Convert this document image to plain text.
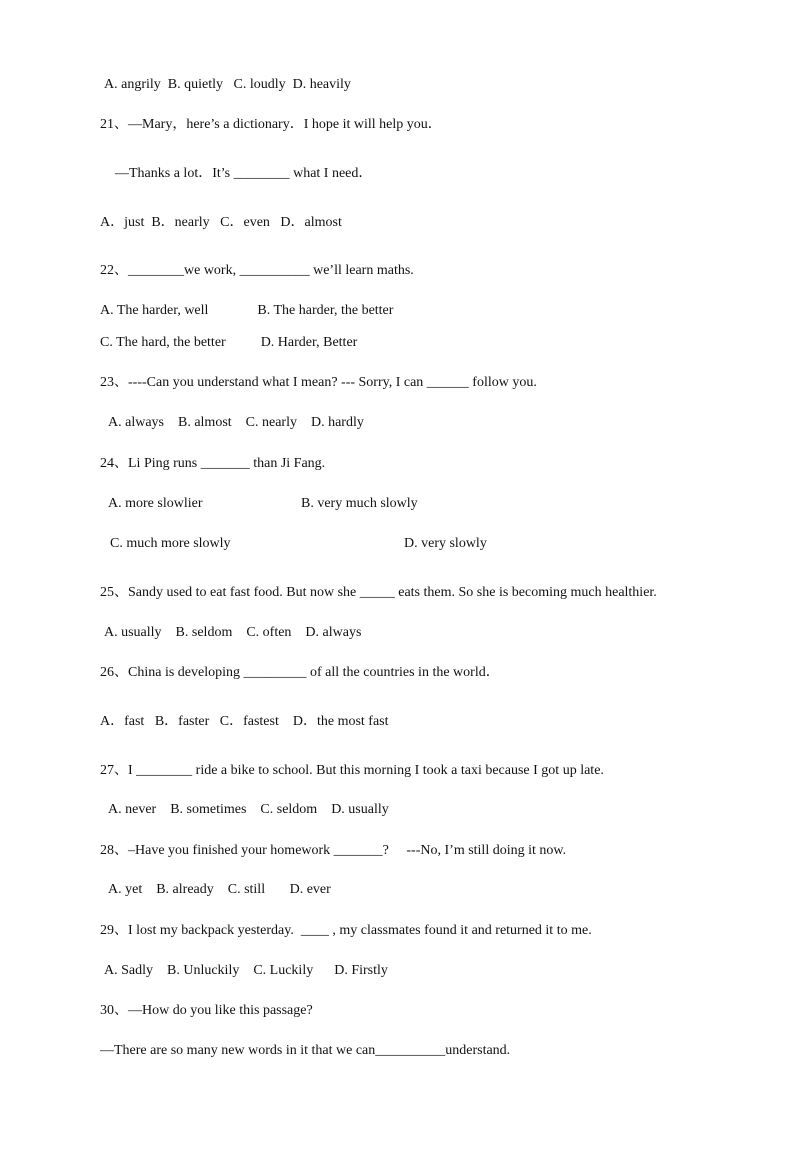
A. angrily  B. quietly   C. loudly  D. heavily

21、—Mary，here’s a dictionary．I hope it will help you．

—Thanks a lot．It’s ________ what I need．

A．just  B．nearly   C．even   D．almost

22、________we work, __________ we’ll learn maths.

A. The harder, well              B. The harder, the better

C. The hard, the better          D. Harder, Better

23、----Can you understand what I mean? --- Sorry, I can ______ follow you.

A. always    B. almost    C. nearly    D. hardly

24、Li Ping runs _______ than Ji Fang.

A. more slowlier	B. very much slowly

C. much more slowly	D. very slowly

25、Sandy used to eat fast food. But now she _____ eats them. So she is becoming much healthier.

A. usually    B. seldom    C. often    D. always

26、China is developing _________ of all the countries in the world．

A．fast   B．faster   C．fastest    D．the most fast

27、I ________ ride a bike to school. But this morning I took a taxi because I got up late.

A. never    B. sometimes    C. seldom    D. usually

28、–Have you finished your homework _______?     ---No, I’m still doing it now.

A. yet    B. already    C. still       D. ever

29、I lost my backpack yesterday.  ____ , my classmates found it and returned it to me.

A. Sadly    B. Unluckily    C. Luckily      D. Firstly

30、—How do you like this passage?

—There are so many new words in it that we can__________understand.
